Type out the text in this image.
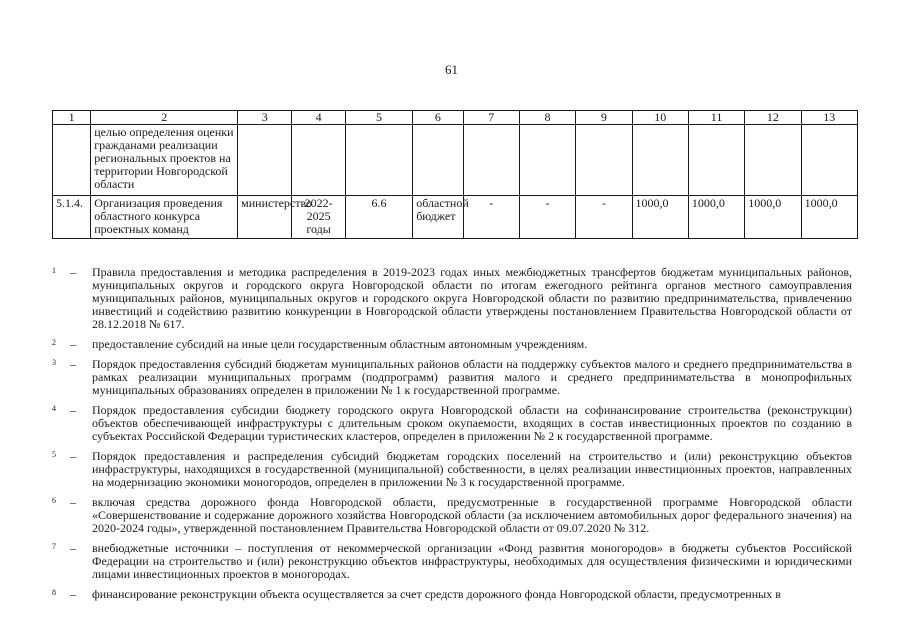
61
1	2	3	4	5	6	7	8	9	10	11	12	13
	целью определения оценки гражданами реализации региональных проектов на территории Новгородской области											
5.1.4.	Организация проведения областного конкурса проектных команд	министерство	2022-2025 годы	6.6	областной бюджет	-	-	-	1000,0	1000,0	1000,0	1000,0
1	–	Правила предоставления и методика распределения в 2019-2023 годах иных межбюджетных трансфертов бюджетам муниципальных районов, муниципальных округов и городского округа Новгородской области по итогам ежегодного рейтинга органов местного самоуправления муниципальных районов, муниципальных округов и городского округа Новгородской области по развитию предпринимательства, привлечению инвестиций и содействию развитию конкуренции в Новгородской области утверждены постановлением Правительства Новгородской области от 28.12.2018 № 617.
2	–	предоставление субсидий на иные цели государственным областным автономным учреждениям.
3	–	Порядок предоставления субсидий бюджетам муниципальных районов области на поддержку субъектов малого и среднего предпринимательства в рамках реализации муниципальных программ (подпрограмм) развития малого и среднего предпринимательства в монопрофильных муниципальных образованиях определен в приложении № 1 к государственной программе.
4	–	Порядок предоставления субсидии бюджету городского округа Новгородской области на софинансирование строительства (реконструкции) объектов обеспечивающей инфраструктуры с длительным сроком окупаемости, входящих в состав инвестиционных проектов по созданию в субъектах Российской Федерации туристических кластеров, определен в приложении № 2 к государственной программе.
5	–	Порядок предоставления и распределения субсидий бюджетам городских поселений на строительство и (или) реконструкцию объектов инфраструктуры, находящихся в государственной (муниципальной) собственности, в целях реализации инвестиционных проектов, направленных на модернизацию экономики моногородов, определен в приложении № 3 к государственной программе.
6	–	включая средства дорожного фонда Новгородской области, предусмотренные в государственной программе Новгородской области «Совершенствование и содержание дорожного хозяйства Новгородской области (за исключением автомобильных дорог федерального значения) на 2020-2024 годы», утвержденной постановлением Правительства Новгородской области от 09.07.2020 № 312.
7	–	внебюджетные источники – поступления от некоммерческой организации «Фонд развития моногородов» в бюджеты субъектов Российской Федерации на строительство и (или) реконструкцию объектов инфраструктуры, необходимых для осуществления физическими и юридическими лицами инвестиционных проектов в моногородах.
8	–	финансирование реконструкции объекта осуществляется за счет средств дорожного фонда Новгородской области, предусмотренных в
